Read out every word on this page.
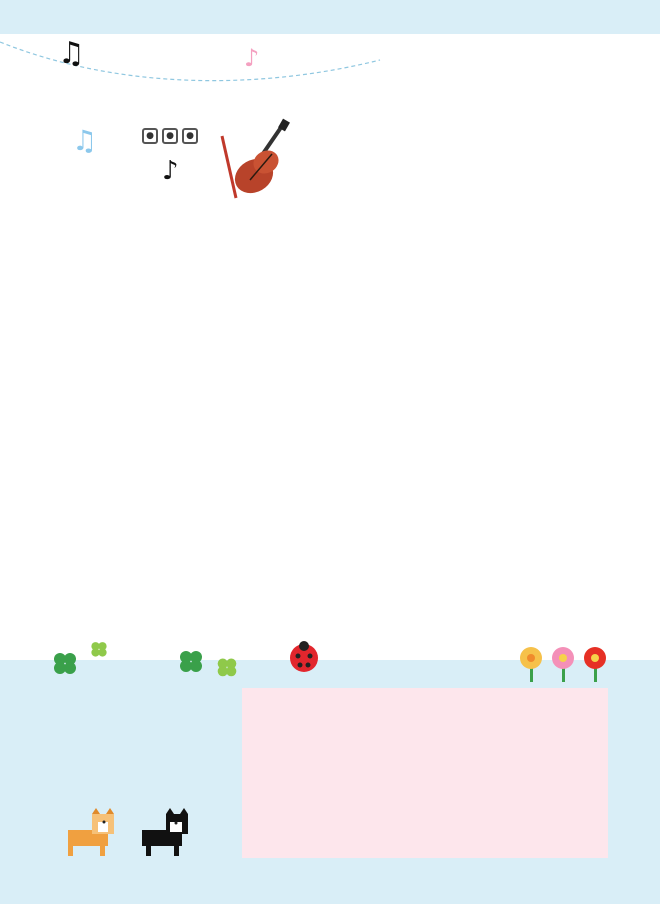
●	●	●
♫	♪
♫
♪
